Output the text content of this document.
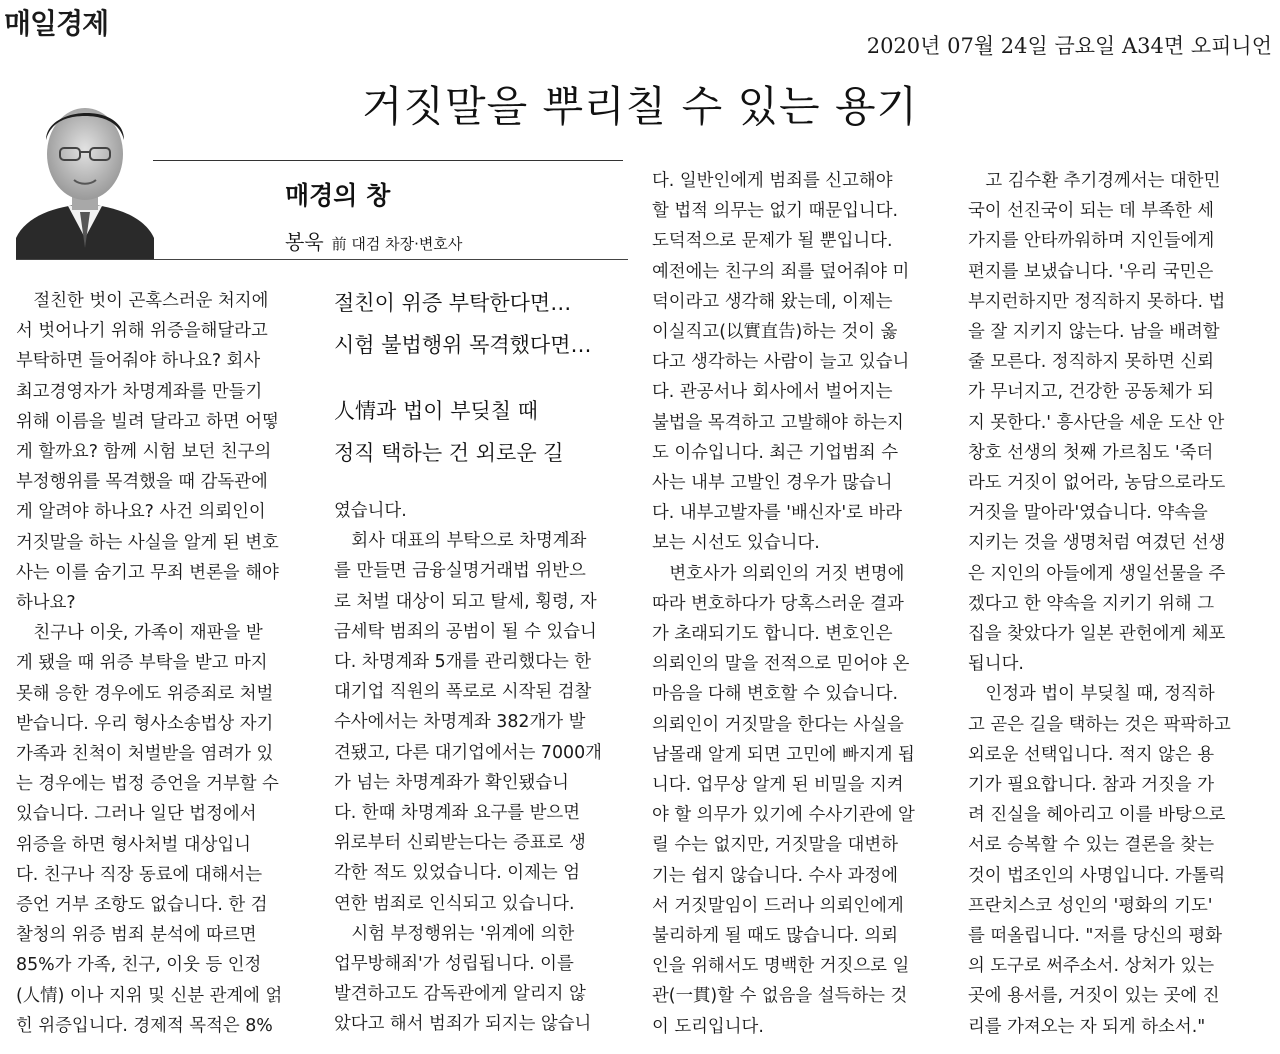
매일경제
2020년 07월 24일 금요일 A34면 오피니언
거짓말을 뿌리칠 수 있는 용기
매경의 창
봉욱 前 대검 차장·변호사
절친이 위증 부탁한다면…
시험 불법행위 목격했다면…
人情과 법이 부딪칠 때
정직 택하는 건 외로운 길
절친한 벗이 곤혹스러운 처지에
서 벗어나기 위해 위증을해달라고
부탁하면 들어줘야 하나요? 회사
최고경영자가 차명계좌를 만들기
위해 이름을 빌려 달라고 하면 어떻
게 할까요? 함께 시험 보던 친구의
부정행위를 목격했을 때 감독관에
게 알려야 하나요? 사건 의뢰인이
거짓말을 하는 사실을 알게 된 변호
사는 이를 숨기고 무죄 변론을 해야
하나요?
친구나 이웃, 가족이 재판을 받
게 됐을 때 위증 부탁을 받고 마지
못해 응한 경우에도 위증죄로 처벌
받습니다. 우리 형사소송법상 자기
가족과 친척이 처벌받을 염려가 있
는 경우에는 법정 증언을 거부할 수
있습니다. 그러나 일단 법정에서
위증을 하면 형사처벌 대상입니
다. 친구나 직장 동료에 대해서는
증언 거부 조항도 없습니다. 한 검
찰청의 위증 범죄 분석에 따르면
85%가 가족, 친구, 이웃 등 인정
(人情) 이나 지위 및 신분 관계에 얽
힌 위증입니다. 경제적 목적은 8%
였습니다.
회사 대표의 부탁으로 차명계좌
를 만들면 금융실명거래법 위반으
로 처벌 대상이 되고 탈세, 횡령, 자
금세탁 범죄의 공범이 될 수 있습니
다. 차명계좌 5개를 관리했다는 한
대기업 직원의 폭로로 시작된 검찰
수사에서는 차명계좌 382개가 발
견됐고, 다른 대기업에서는 7000개
가 넘는 차명계좌가 확인됐습니
다. 한때 차명계좌 요구를 받으면
위로부터 신뢰받는다는 증표로 생
각한 적도 있었습니다. 이제는 엄
연한 범죄로 인식되고 있습니다.
시험 부정행위는 '위계에 의한
업무방해죄'가 성립됩니다. 이를
발견하고도 감독관에게 알리지 않
았다고 해서 범죄가 되지는 않습니
다. 일반인에게 범죄를 신고해야
할 법적 의무는 없기 때문입니다.
도덕적으로 문제가 될 뿐입니다.
예전에는 친구의 죄를 덮어줘야 미
덕이라고 생각해 왔는데, 이제는
이실직고(以實直告)하는 것이 옳
다고 생각하는 사람이 늘고 있습니
다. 관공서나 회사에서 벌어지는
불법을 목격하고 고발해야 하는지
도 이슈입니다. 최근 기업범죄 수
사는 내부 고발인 경우가 많습니
다. 내부고발자를 '배신자'로 바라
보는 시선도 있습니다.
변호사가 의뢰인의 거짓 변명에
따라 변호하다가 당혹스러운 결과
가 초래되기도 합니다. 변호인은
의뢰인의 말을 전적으로 믿어야 온
마음을 다해 변호할 수 있습니다.
의뢰인이 거짓말을 한다는 사실을
남몰래 알게 되면 고민에 빠지게 됩
니다. 업무상 알게 된 비밀을 지켜
야 할 의무가 있기에 수사기관에 알
릴 수는 없지만, 거짓말을 대변하
기는 쉽지 않습니다. 수사 과정에
서 거짓말임이 드러나 의뢰인에게
불리하게 될 때도 많습니다. 의뢰
인을 위해서도 명백한 거짓으로 일
관(一貫)할 수 없음을 설득하는 것
이 도리입니다.
고 김수환 추기경께서는 대한민
국이 선진국이 되는 데 부족한 세
가지를 안타까워하며 지인들에게
편지를 보냈습니다. '우리 국민은
부지런하지만 정직하지 못하다. 법
을 잘 지키지 않는다. 남을 배려할
줄 모른다. 정직하지 못하면 신뢰
가 무너지고, 건강한 공동체가 되
지 못한다.' 흥사단을 세운 도산 안
창호 선생의 첫째 가르침도 '죽더
라도 거짓이 없어라, 농담으로라도
거짓을 말아라'였습니다. 약속을
지키는 것을 생명처럼 여겼던 선생
은 지인의 아들에게 생일선물을 주
겠다고 한 약속을 지키기 위해 그
집을 찾았다가 일본 관헌에게 체포
됩니다.
인정과 법이 부딪칠 때, 정직하
고 곧은 길을 택하는 것은 팍팍하고
외로운 선택입니다. 적지 않은 용
기가 필요합니다. 참과 거짓을 가
려 진실을 헤아리고 이를 바탕으로
서로 승복할 수 있는 결론을 찾는
것이 법조인의 사명입니다. 가톨릭
프란치스코 성인의 '평화의 기도'
를 떠올립니다. "저를 당신의 평화
의 도구로 써주소서. 상처가 있는
곳에 용서를, 거짓이 있는 곳에 진
리를 가져오는 자 되게 하소서."
